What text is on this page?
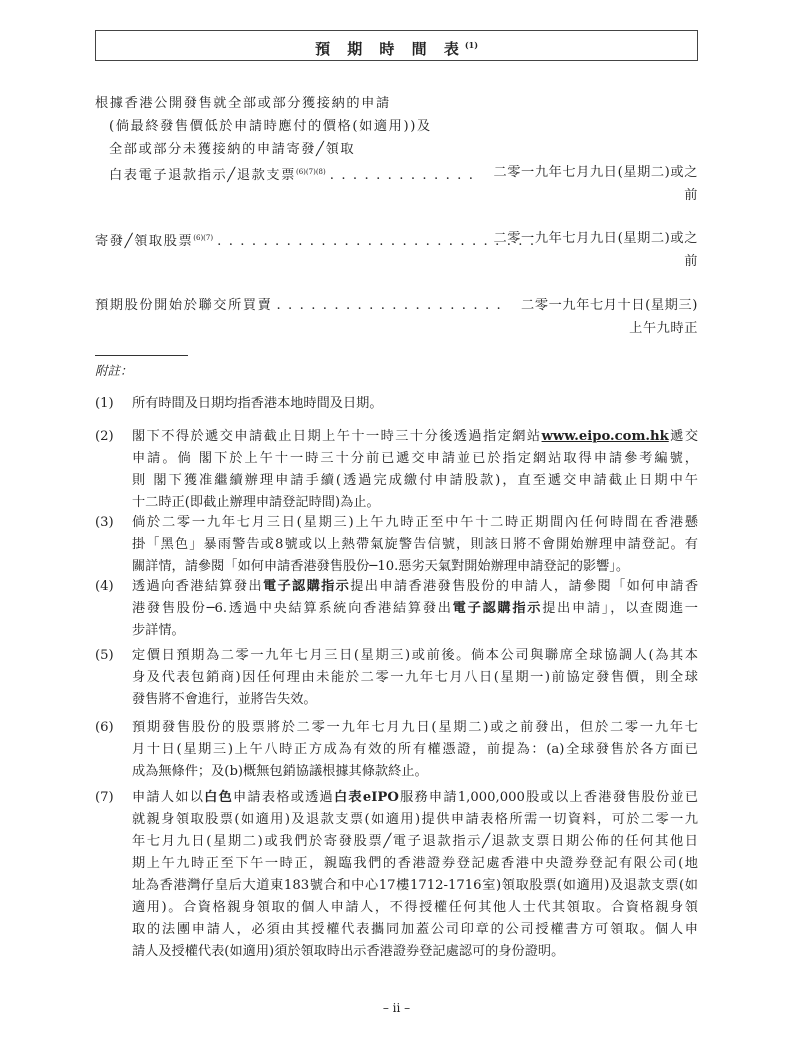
預 期 時 間 表$^{(1)}$
根據香港公開發售就全部或部分獲接納的申請
(倘最終發售價低於申請時應付的價格(如適用))及
全部或部分未獲接納的申請寄發╱領取
白表電子退款指示╱退款支票$^{(6)(7)(8)}$ . . . . . . . . . . . . . 二零一九年七月九日(星期二)或之
前
寄發╱領取股票$^{(6)(7)}$ . . . . . . . . . . . . . . . . . . . . . . . . . . . .
二零一九年七月九日(星期二)或之
前
預期股份開始於聯交所買賣 . . . . . . . . . . . . . . . . . . . . 二零一九年七月十日(星期三)
上午九時正
附註：
(1) 所有時間及日期均指香港本地時間及日期。
(2) 閣下不得於遞交申請截止日期上午十一時三十分後透過指定網站www.eipo.com.hk遞交
申請。倘 閣下於上午十一時三十分前已遞交申請並已於指定網站取得申請參考編號，
則 閣下獲准繼續辦理申請手續(透過完成繳付申請股款)，直至遞交申請截止日期中午
十二時正(即截止辦理申請登記時間)為止。
(3) 倘於二零一九年七月三日(星期三)上午九時正至中午十二時正期間內任何時間在香港懸
掛「黑色」暴雨警告或8號或以上熱帶氣旋警告信號，則該日將不會開始辦理申請登記。有
關詳情，請參閱「如何申請香港發售股份─10.惡劣天氣對開始辦理申請登記的影響」。
(4) 透過向香港結算發出電子認購指示提出申請香港發售股份的申請人，請參閱「如何申請香
港發售股份─6.透過中央結算系統向香港結算發出電子認購指示提出申請」，以查閱進一
步詳情。
(5) 定價日預期為二零一九年七月三日(星期三)或前後。倘本公司與聯席全球協調人(為其本
身及代表包銷商)因任何理由未能於二零一九年七月八日(星期一)前協定發售價，則全球
發售將不會進行，並將告失效。
(6) 預期發售股份的股票將於二零一九年七月九日(星期二)或之前發出，但於二零一九年七
月十日(星期三)上午八時正方成為有效的所有權憑證，前提為：(a)全球發售於各方面已
成為無條件；及(b)概無包銷協議根據其條款終止。
(7) 申請人如以白色申請表格或透過白表eIPO服務申請1,000,000股或以上香港發售股份並已
就親身領取股票(如適用)及退款支票(如適用)提供申請表格所需一切資料，可於二零一九
年七月九日(星期二)或我們於寄發股票╱電子退款指示╱退款支票日期公佈的任何其他日
期上午九時正至下午一時正，親臨我們的香港證券登記處香港中央證券登記有限公司(地
址為香港灣仔皇后大道東183號合和中心17樓1712-1716室)領取股票(如適用)及退款支票(如
適用)。合資格親身領取的個人申請人，不得授權任何其他人士代其領取。合資格親身領
取的法團申請人，必須由其授權代表攜同加蓋公司印章的公司授權書方可領取。個人申
請人及授權代表(如適用)須於領取時出示香港證券登記處認可的身份證明。
– ii –
